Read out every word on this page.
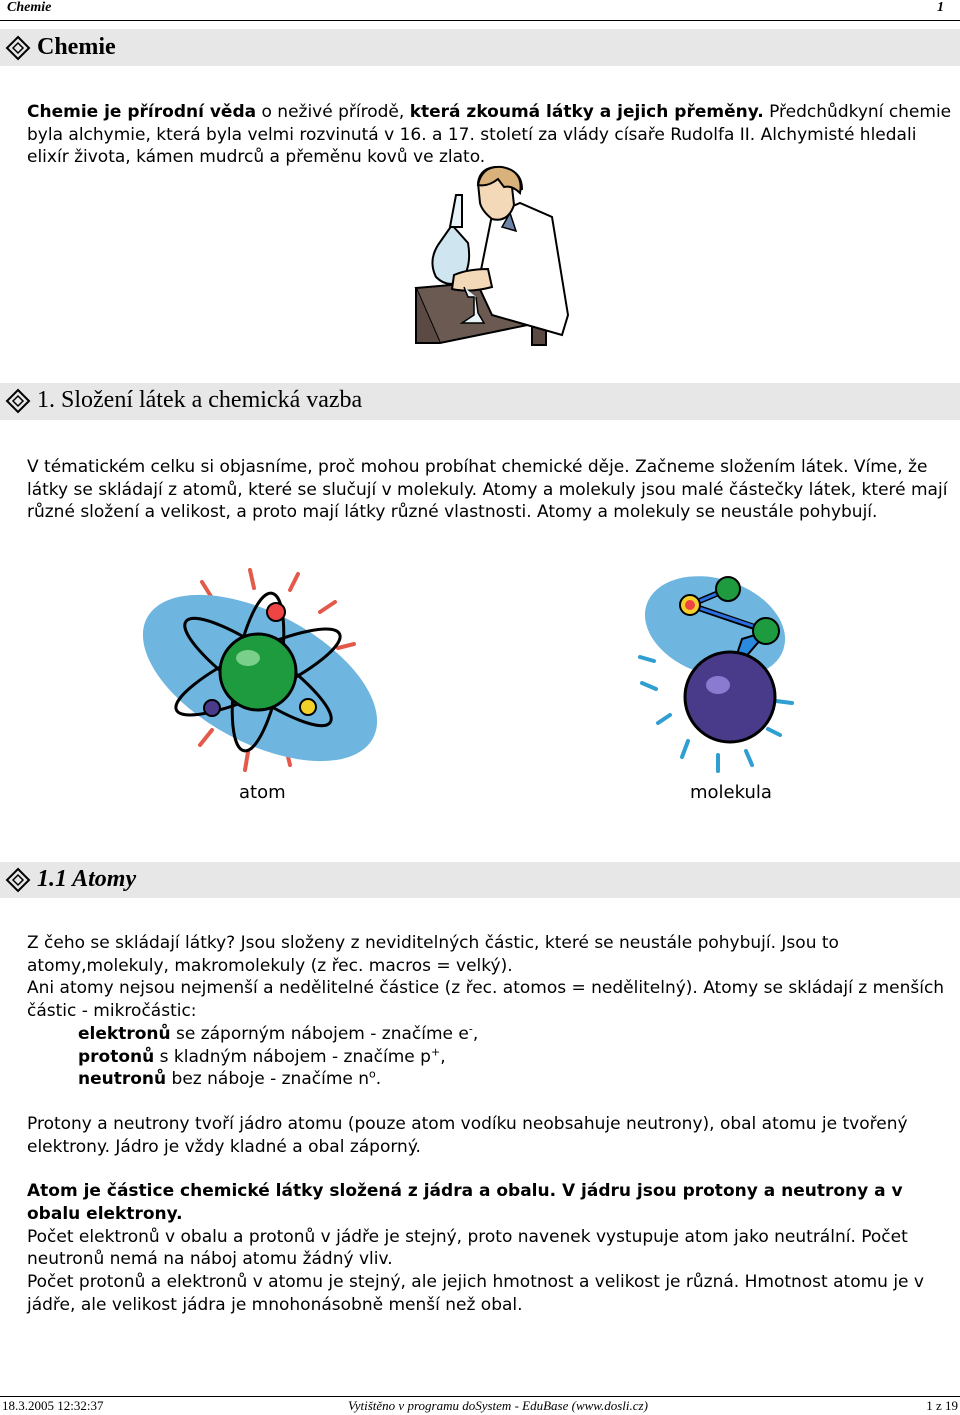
Chemie	1
Chemie
Chemie je přírodní věda o neživé přírodě, která zkoumá látky a jejich přeměny. Předchůdkyní chemie byla alchymie, která byla velmi rozvinutá v 16. a 17. století za vlády císaře Rudolfa II. Alchymisté hledali elixír života, kámen mudrců a přeměnu kovů ve zlato.
1. Složení látek a chemická vazba
V tématickém celku si objasníme, proč mohou probíhat chemické děje. Začneme složením látek. Víme, že látky se skládají z atomů, které se slučují v molekuly. Atomy a molekuly jsou malé částečky látek, které mají různé složení a velikost, a proto mají látky různé vlastnosti. Atomy a molekuly se neustále pohybují.
atom	molekula
1.1 Atomy
Z čeho se skládají látky? Jsou složeny z neviditelných částic, které se neustále pohybují. Jsou to atomy,molekuly, makromolekuly (z řec. macros = velký).
Ani atomy nejsou nejmenší a nedělitelné částice (z řec. atomos = nedělitelný). Atomy se skládají z menších částic - mikročástic:
elektronů se záporným nábojem - značíme e-,
protonů s kladným nábojem - značíme p+,
neutronů bez náboje - značíme $n^o$.
Protony a neutrony tvoří jádro atomu (pouze atom vodíku neobsahuje neutrony), obal atomu je tvořený elektrony. Jádro je vždy kladné a obal záporný.
Atom je částice chemické látky složená z jádra a obalu. V jádru jsou protony a neutrony a v obalu elektrony.
Počet elektronů v obalu a protonů v jádře je stejný, proto navenek vystupuje atom jako neutrální. Počet neutronů nemá na náboj atomu žádný vliv.
Počet protonů a elektronů v atomu je stejný, ale jejich hmotnost a velikost je různá. Hmotnost atomu je v jádře, ale velikost jádra je mnohonásobně menší než obal.
18.3.2005 12:32:37	Vytištěno v programu doSystem - EduBase (www.dosli.cz)	1 z 19
